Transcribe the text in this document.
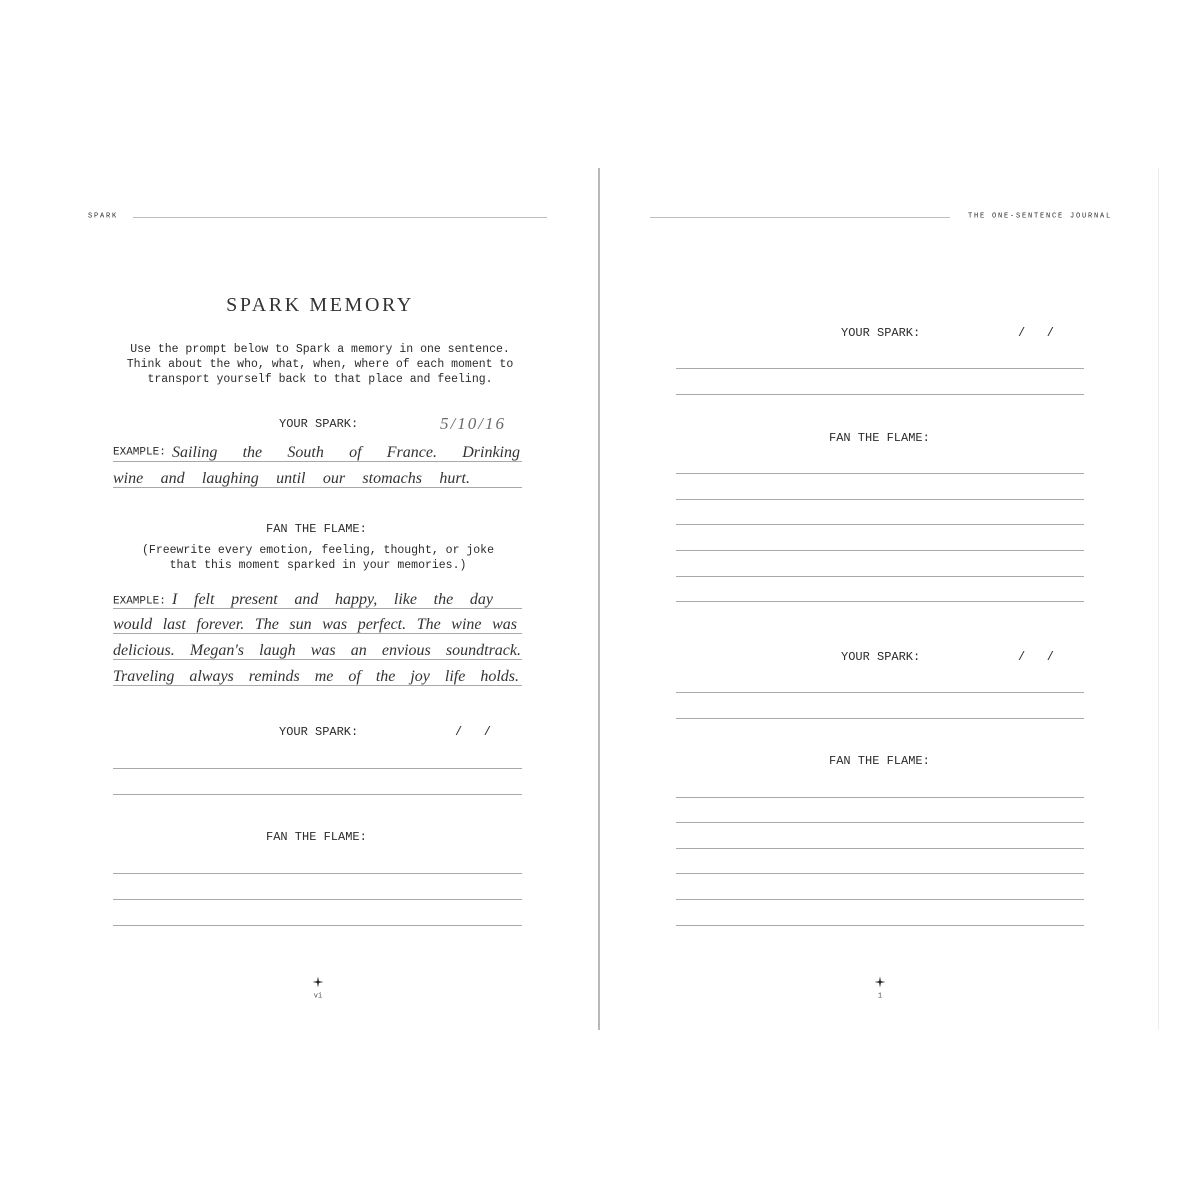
SPARK
SPARK MEMORY
Use the prompt below to Spark a memory in one sentence.
Think about the who, what, when, where of each moment to
transport yourself back to that place and feeling.
YOUR SPARK:	5/10/16
EXAMPLE: Sailing the South of France. Drinking
wine and laughing until our stomachs hurt.
FAN THE FLAME:
(Freewrite every emotion, feeling, thought, or joke
that this moment sparked in your memories.)
EXAMPLE: I felt present and happy, like the day
would last forever. The sun was perfect. The wine was
delicious. Megan's laugh was an envious soundtrack.
Traveling always reminds me of the joy life holds.
YOUR SPARK:	/   /
FAN THE FLAME:
vi
THE ONE-SENTENCE JOURNAL
YOUR SPARK:	/   /
FAN THE FLAME:
YOUR SPARK:	/   /
FAN THE FLAME:
1
